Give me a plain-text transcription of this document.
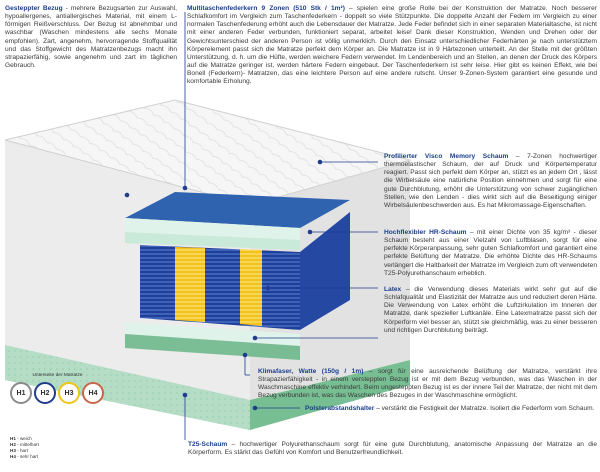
Gesteppter Bezug - mehrere Bezugsarten zur Auswahl, hypoallergenes, antiallergisches Material, mit einem L-förmigen Reißverschluss. Der Bezug ist abnehmbar und waschbar (Waschen mindestens alle sechs Monate empfohlen). Zart, angenehm, hervorragende Stoffqualität und das Stoffgewicht des Matratzenbezugs macht ihn strapazierfähig, sowie angenehm und zart im täglichen Gebrauch.

Multitaschenfederkern 9 Zonen (510 Stk / 1m²) – spielen eine große Rolle bei der Konstruktion der Matratze. Noch besserer Schlafkomfort im Vergleich zum Taschenfederkern - doppelt so viele Stützpunkte. Die doppelte Anzahl der Federn im Vergleich zu einer normalen Taschenfederung erhöht auch die Lebensdauer der Matratze. Jede Feder befindet sich in einer separaten Materialtasche, ist nicht mit einer anderen Feder verbunden, funktioniert separat, arbeitet leise! Dank dieser Konstruktion, Wenden und Drehen oder der Gewichtsunterschied der anderen Person ist völlig unmerklich. Durch den Einsatz unterschiedlicher Federhärten je nach unterstütztem Körperelement passt sich die Matratze perfekt dem Körper an. Die Matratze ist in 9 Härtezonen unterteilt. An der Stelle mit der größten Unterstützung, d. h. um die Hüfte, werden weichere Federn verwendet. Im Lendenbereich und an Stellen, an denen der Druck des Körpers auf die Matratze geringer ist, werden härtere Federn eingebaut. Der Taschenfederkern ist sehr leise. Hier gibt es keinen Effekt, wie bei Bonell (Federkern)- Matratzen, das eine leichtere Person auf eine andere rutscht. Unser 9-Zonen-System garantiert eine gesunde und komfortable Erholung.

Profilierter Visco Memory Schaum – 7-Zonen hochwertiger thermoelastischer Schaum, der auf Druck und Körpertemperatur reagiert. Passt sich perfekt dem Körper an, stützt es an jedem Ort , lässt die Wirbelsäule eine natürliche Position einnehmen und sorgt für eine gute Durchblutung, erhöht die Unterstützung von schwer zugänglichen Stellen, wie den Lenden - dies wirkt sich auf die Beseitigung einiger Wirbelsäulenbeschwerden aus. Es hat Mikromassage-Eigenschaften.

Hochflexibler HR-Schaum – mit einer Dichte von 35 kg/m³ - dieser Schaum besteht aus einer Vielzahl von Luftblasen, sorgt für eine perfekte Körperanpassung, sehr guten Schlafkomfort und garantiert eine perfekte Belüftung der Matratze. Die erhöhte Dichte des HR-Schaums verlängert die Haltbarkeit der Matratze im Vergleich zum oft verwendeten T25-Polyurethanschaum erheblich.

Latex – die Verwendung dieses Materials wirkt sehr gut auf die Schlafqualität und Elastizität der Matratze aus und reduziert deren Härte. Die Verwendung von Latex erhöht die Luftzirkulation im Inneren der Matratze, dank spezieller Luftkanäle. Eine Latexmatratze passt sich der Körperform viel besser an, stützt sie gleichmäßig, was zu einer besseren und richtigen Durchblutung beiträgt.

Klimafaser, Watte (150g / 1m) – sorgt für eine ausreichende Belüftung der Matratze, verstärkt ihre Strapazierfähigkeit - in einem versteppten Bezug ist er mit dem Bezug verbunden, was das Waschen in der Waschmaschine effektiv verhindert. Beim ungesteppten Bezug ist es der innere Teil der Matratze, der nicht mit dem Bezug verbunden ist, was das Waschen des Bezuges in der Waschmaschine ermöglicht.

Polsterabstandshalter – verstärkt die Festigkeit der Matratze. Isoliert die Federform vom Schaum.

T25-Schaum – hochwertiger Polyurethanschaum sorgt für eine gute Durchblutung, anatomische Anpassung der Matratze an die Körperform. Es stärkt das Gefühl von Komfort und Benutzerfreundlichkeit.

Unterseite der Matratze
H1 H2 H3 H4

H1 - weich

H2 - mittelhart

H3 - hart

H4 - sehr hart
